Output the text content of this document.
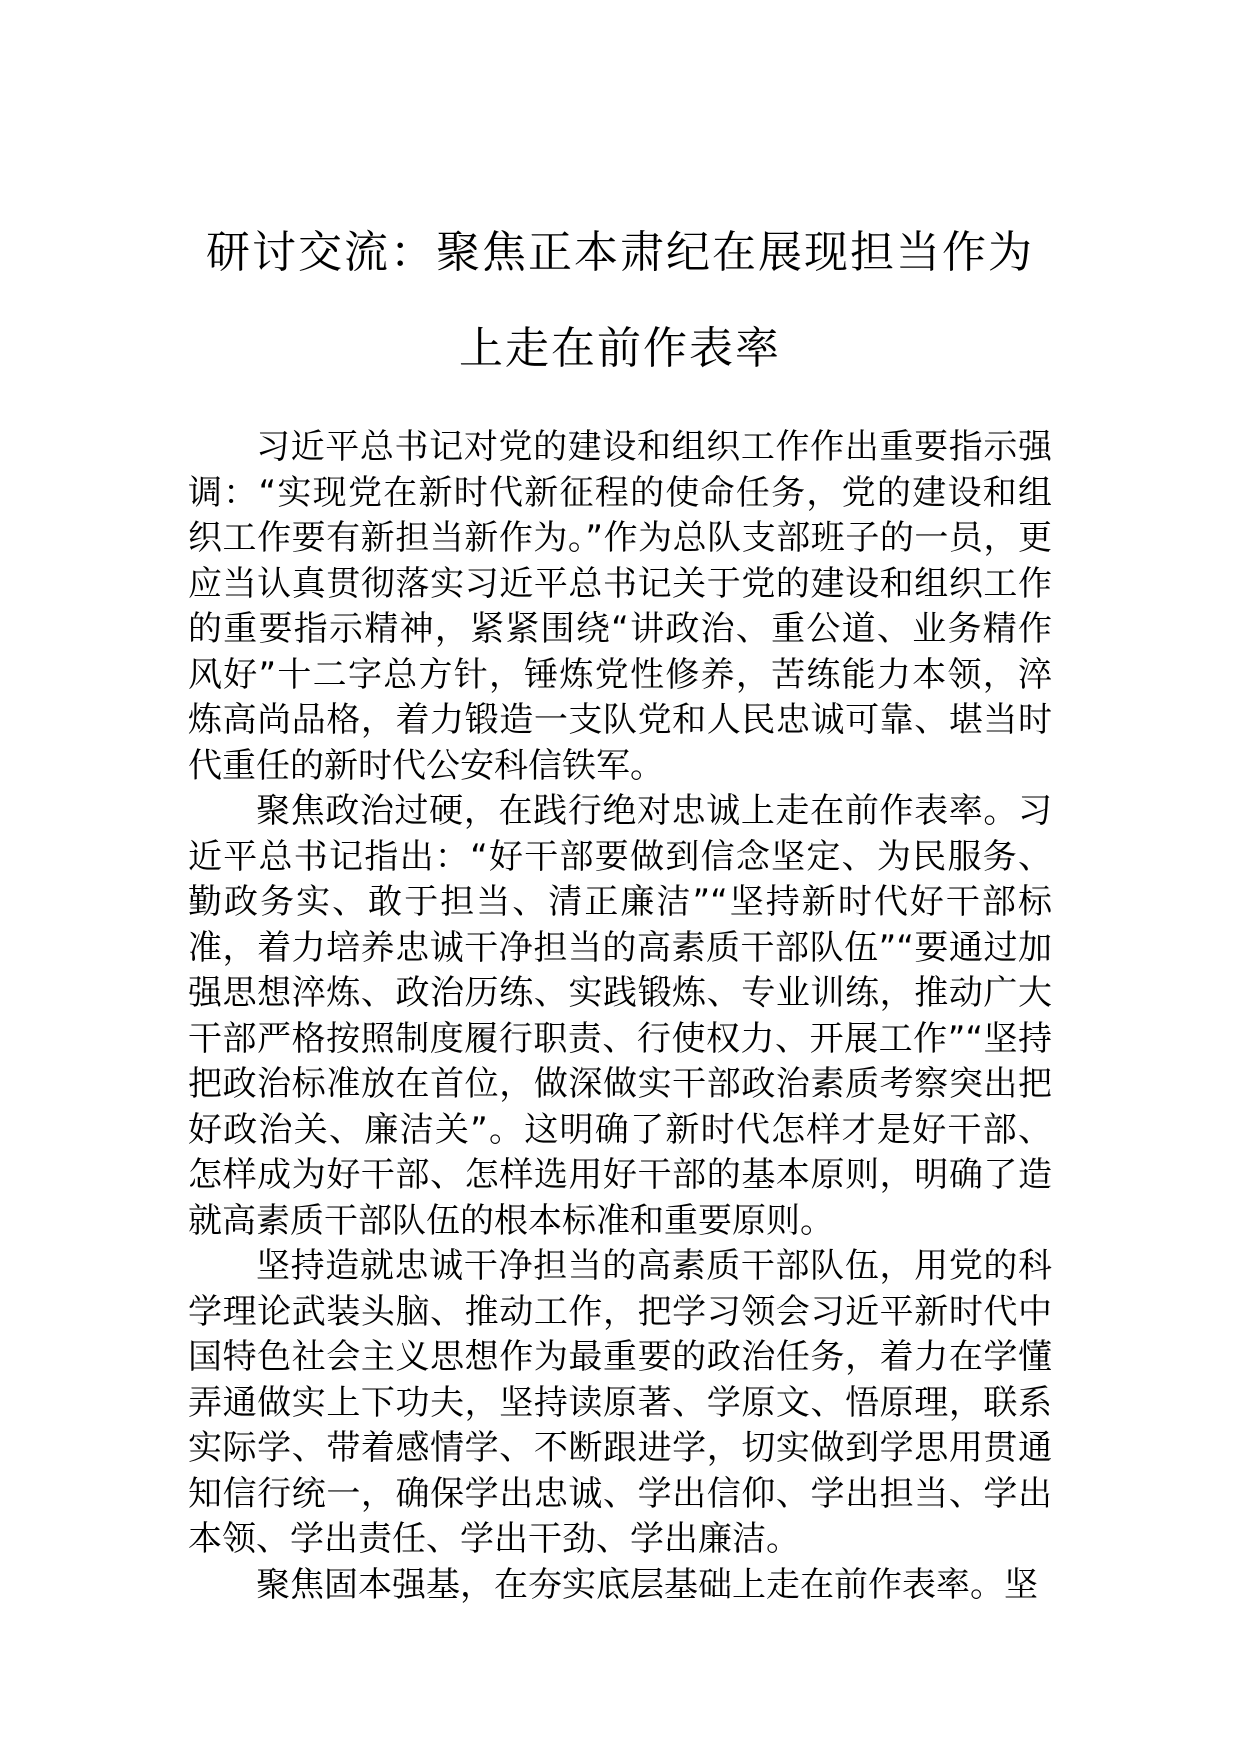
研讨交流：聚焦正本肃纪在展现担当作为
上走在前作表率

习近平总书记对党的建设和组织工作作出重要指示强调：“实现党在新时代新征程的使命任务，党的建设和组织工作要有新担当新作为。”作为总队支部班子的一员，更应当认真贯彻落实习近平总书记关于党的建设和组织工作的重要指示精神，紧紧围绕“讲政治、重公道、业务精作风好”十二字总方针，锤炼党性修养，苦练能力本领，淬炼高尚品格，着力锻造一支队党和人民忠诚可靠、堪当时代重任的新时代公安科信铁军。

聚焦政治过硬，在践行绝对忠诚上走在前作表率。习近平总书记指出：“好干部要做到信念坚定、为民服务、勤政务实、敢于担当、清正廉洁”“坚持新时代好干部标准，着力培养忠诚干净担当的高素质干部队伍”“要通过加强思想淬炼、政治历练、实践锻炼、专业训练，推动广大干部严格按照制度履行职责、行使权力、开展工作”“坚持把政治标准放在首位，做深做实干部政治素质考察突出把好政治关、廉洁关”。这明确了新时代怎样才是好干部、怎样成为好干部、怎样选用好干部的基本原则，明确了造就高素质干部队伍的根本标准和重要原则。

坚持造就忠诚干净担当的高素质干部队伍，用党的科学理论武装头脑、推动工作，把学习领会习近平新时代中国特色社会主义思想作为最重要的政治任务，着力在学懂弄通做实上下功夫，坚持读原著、学原文、悟原理，联系实际学、带着感情学、不断跟进学，切实做到学思用贯通知信行统一，确保学出忠诚、学出信仰、学出担当、学出本领、学出责任、学出干劲、学出廉洁。

聚焦固本强基，在夯实底层基础上走在前作表率。坚
